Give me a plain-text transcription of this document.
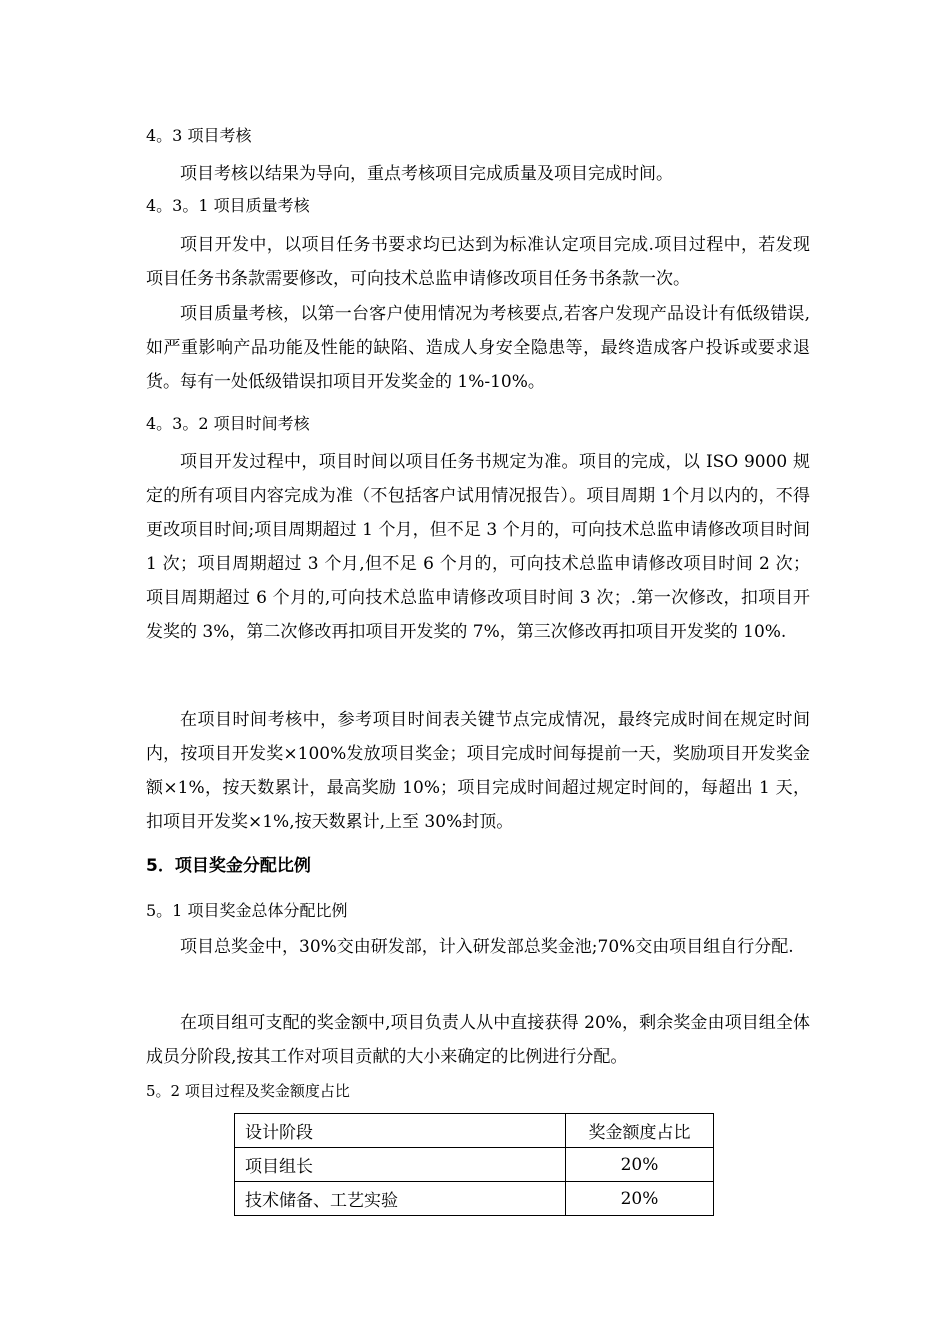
4。3 项目考核
项目考核以结果为导向，重点考核项目完成质量及项目完成时间。
4。3。1 项目质量考核
项目开发中，以项目任务书要求均已达到为标准认定项目完成.项目过程中，若发现项目任务书条款需要修改，可向技术总监申请修改项目任务书条款一次。
项目质量考核，以第一台客户使用情况为考核要点,若客户发现产品设计有低级错误,如严重影响产品功能及性能的缺陷、造成人身安全隐患等，最终造成客户投诉或要求退货。每有一处低级错误扣项目开发奖金的 1%-10%。
4。3。2 项目时间考核
项目开发过程中，项目时间以项目任务书规定为准。项目的完成，以 ISO 9000 规定的所有项目内容完成为准（不包括客户试用情况报告）。项目周期 1个月以内的，不得更改项目时间;项目周期超过 1 个月，但不足 3 个月的，可向技术总监申请修改项目时间 1 次；项目周期超过 3 个月,但不足 6 个月的，可向技术总监申请修改项目时间 2 次；项目周期超过 6 个月的,可向技术总监申请修改项目时间 3 次；.第一次修改，扣项目开发奖的 3%，第二次修改再扣项目开发奖的 7%，第三次修改再扣项目开发奖的 10%.
在项目时间考核中，参考项目时间表关键节点完成情况，最终完成时间在规定时间内，按项目开发奖×100%发放项目奖金；项目完成时间每提前一天，奖励项目开发奖金额×1%，按天数累计，最高奖励 10%；项目完成时间超过规定时间的，每超出 1 天，扣项目开发奖×1%,按天数累计,上至 30%封顶。
5．项目奖金分配比例
5。1 项目奖金总体分配比例
项目总奖金中，30%交由研发部，计入研发部总奖金池;70%交由项目组自行分配.
在项目组可支配的奖金额中,项目负责人从中直接获得 20%，剩余奖金由项目组全体成员分阶段,按其工作对项目贡献的大小来确定的比例进行分配。
5。2 项目过程及奖金额度占比
设计阶段	奖金额度占比
项目组长	20%
技术储备、工艺实验	20%
